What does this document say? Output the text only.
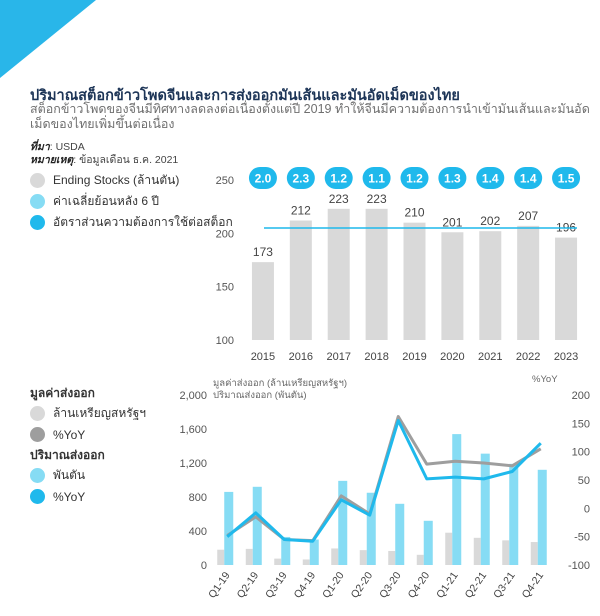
รูปที่ 6
ปริมาณสต็อกข้าวโพดจีนและการส่งออกมันเส้นและมันอัดเม็ดของไทย
สต็อกข้าวโพดของจีนมีทิศทางลดลงต่อเนื่องตั้งแต่ปี 2019 ทำให้จีนมีความต้องการนำเข้ามันเส้นและมันอัดเม็ดของไทยเพิ่มขึ้นต่อเนื่อง
ที่มา: USDA
หมายเหตุ: ข้อมูลเดือน ธ.ค. 2021
Ending Stocks (ล้านตัน)
ค่าเฉลี่ยย้อนหลัง 6 ปี
อัตราส่วนความต้องการใช้ต่อสต็อก
มูลค่าส่งออก
ล้านเหรียญสหรัฐฯ
%YoY
ปริมาณส่งออก
พันตัน
%YoY
100
150
200
250
173
2015
2.0
212
2016
2.3
223
2017
1.2
223
2018
1.1
210
2019
1.2
201
2020
1.3
202
2021
1.4
207
2022
1.4
196
2023
1.5
มูลค่าส่งออก (ล้านเหรียญสหรัฐฯ)
ปริมาณส่งออก (พันตัน)
%YoY
0
400
800
1,200
1,600
2,000
-100
-50
0
50
100
150
200
Q1-19 Q2-19 Q3-19 Q4-19 Q1-20 Q2-20 Q3-20 Q4-20 Q1-21 Q2-21 Q3-21 Q4-21
